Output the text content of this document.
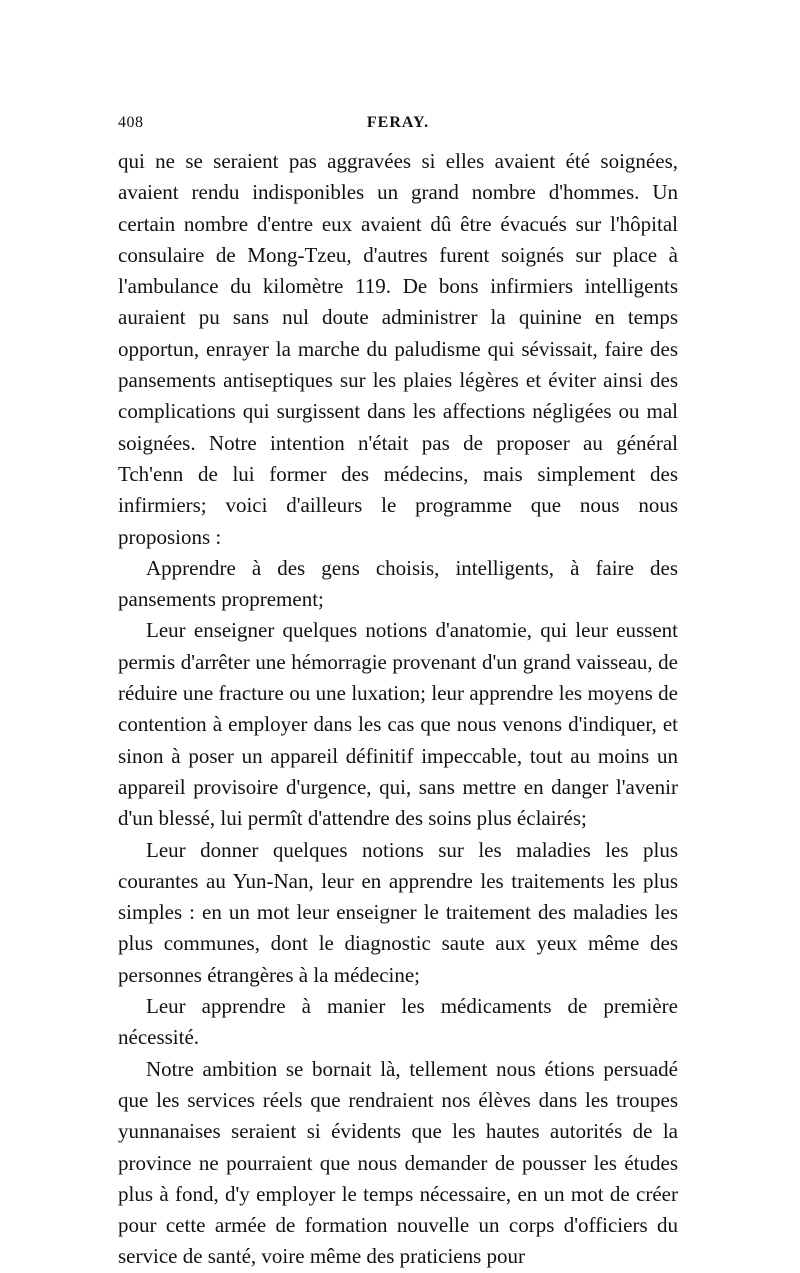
408	FERAY.

qui ne se seraient pas aggravées si elles avaient été soignées, avaient rendu indisponibles un grand nombre d'hommes. Un certain nombre d'entre eux avaient dû être évacués sur l'hôpital consulaire de Mong-Tzeu, d'autres furent soignés sur place à l'ambulance du kilomètre 119. De bons infirmiers intelligents auraient pu sans nul doute administrer la quinine en temps opportun, enrayer la marche du paludisme qui sévissait, faire des pansements antiseptiques sur les plaies légères et éviter ainsi des complications qui surgissent dans les affections négligées ou mal soignées. Notre intention n'était pas de proposer au général Tch'enn de lui former des médecins, mais simplement des infirmiers; voici d'ailleurs le programme que nous nous proposions :

Apprendre à des gens choisis, intelligents, à faire des pansements proprement;

Leur enseigner quelques notions d'anatomie, qui leur eussent permis d'arrêter une hémorragie provenant d'un grand vaisseau, de réduire une fracture ou une luxation; leur apprendre les moyens de contention à employer dans les cas que nous venons d'indiquer, et sinon à poser un appareil définitif impeccable, tout au moins un appareil provisoire d'urgence, qui, sans mettre en danger l'avenir d'un blessé, lui permît d'attendre des soins plus éclairés;

Leur donner quelques notions sur les maladies les plus courantes au Yun-Nan, leur en apprendre les traitements les plus simples : en un mot leur enseigner le traitement des maladies les plus communes, dont le diagnostic saute aux yeux même des personnes étrangères à la médecine;

Leur apprendre à manier les médicaments de première nécessité.

Notre ambition se bornait là, tellement nous étions persuadé que les services réels que rendraient nos élèves dans les troupes yunnanaises seraient si évidents que les hautes autorités de la province ne pourraient que nous demander de pousser les études plus à fond, d'y employer le temps nécessaire, en un mot de créer pour cette armée de formation nouvelle un corps d'officiers du service de santé, voire même des praticiens pour
